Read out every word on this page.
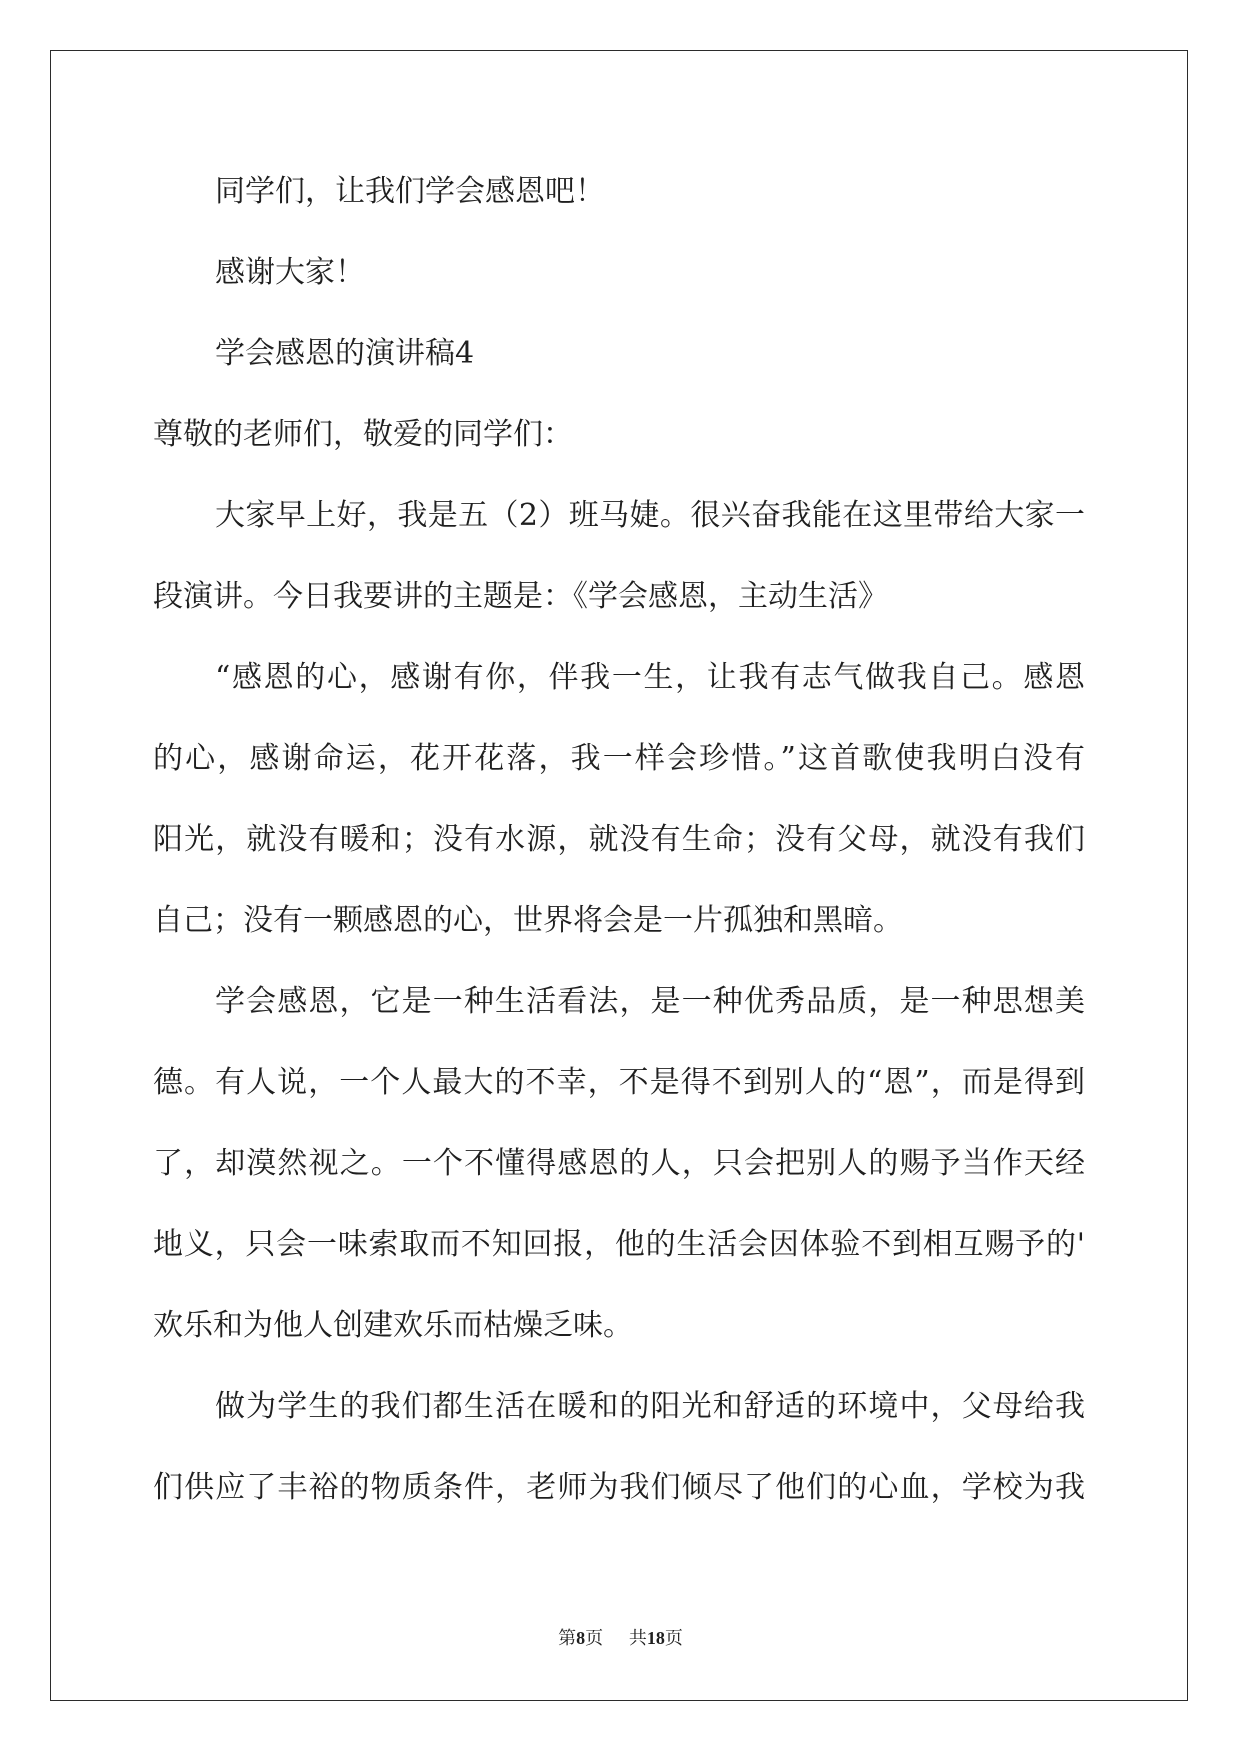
同学们，让我们学会感恩吧！
感谢大家！
学会感恩的演讲稿4
尊敬的老师们，敬爱的同学们：
大家早上好，我是五（2）班马婕。很兴奋我能在这里带给大家一
段演讲。今日我要讲的主题是：《学会感恩，主动生活》
“感恩的心，感谢有你，伴我一生，让我有志气做我自己。感恩
的心，感谢命运，花开花落，我一样会珍惜。”这首歌使我明白没有
阳光，就没有暖和；没有水源，就没有生命；没有父母，就没有我们
自己；没有一颗感恩的心，世界将会是一片孤独和黑暗。
学会感恩，它是一种生活看法，是一种优秀品质，是一种思想美
德。有人说，一个人最大的不幸，不是得不到别人的“恩”，而是得到
了，却漠然视之。一个不懂得感恩的人，只会把别人的赐予当作天经
地义，只会一味索取而不知回报，他的生活会因体验不到相互赐予的'
欢乐和为他人创建欢乐而枯燥乏味。
做为学生的我们都生活在暖和的阳光和舒适的环境中，父母给我
们供应了丰裕的物质条件，老师为我们倾尽了他们的心血，学校为我
第8页 共18页
